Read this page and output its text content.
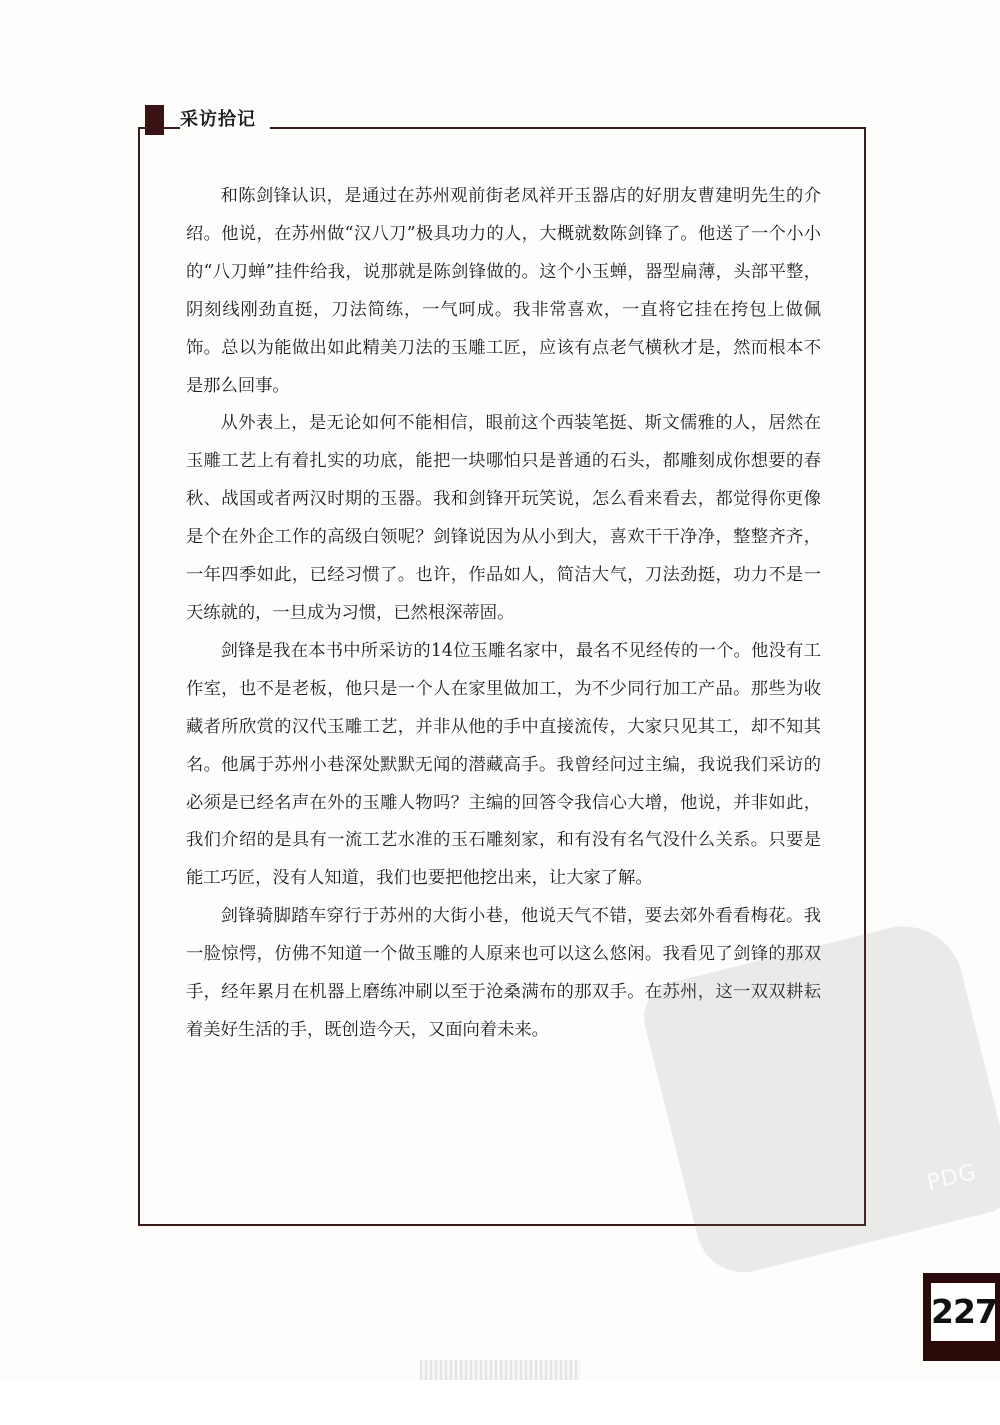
采访拾记

和陈剑锋认识，是通过在苏州观前街老凤祥开玉器店的好朋友曹建明先生的介绍。他说，在苏州做“汉八刀”极具功力的人，大概就数陈剑锋了。他送了一个小小的“八刀蝉”挂件给我，说那就是陈剑锋做的。这个小玉蝉，器型扁薄，头部平整，阴刻线刚劲直挺，刀法简练，一气呵成。我非常喜欢，一直将它挂在挎包上做佩饰。总以为能做出如此精美刀法的玉雕工匠，应该有点老气横秋才是，然而根本不是那么回事。

从外表上，是无论如何不能相信，眼前这个西装笔挺、斯文儒雅的人，居然在玉雕工艺上有着扎实的功底，能把一块哪怕只是普通的石头，都雕刻成你想要的春秋、战国或者两汉时期的玉器。我和剑锋开玩笑说，怎么看来看去，都觉得你更像是个在外企工作的高级白领呢？剑锋说因为从小到大，喜欢干干净净，整整齐齐，一年四季如此，已经习惯了。也许，作品如人，简洁大气，刀法劲挺，功力不是一天练就的，一旦成为习惯，已然根深蒂固。

剑锋是我在本书中所采访的14位玉雕名家中，最名不见经传的一个。他没有工作室，也不是老板，他只是一个人在家里做加工，为不少同行加工产品。那些为收藏者所欣赏的汉代玉雕工艺，并非从他的手中直接流传，大家只见其工，却不知其名。他属于苏州小巷深处默默无闻的潜藏高手。我曾经问过主编，我说我们采访的必须是已经名声在外的玉雕人物吗？主编的回答令我信心大增，他说，并非如此，我们介绍的是具有一流工艺水准的玉石雕刻家，和有没有名气没什么关系。只要是能工巧匠，没有人知道，我们也要把他挖出来，让大家了解。

剑锋骑脚踏车穿行于苏州的大街小巷，他说天气不错，要去郊外看看梅花。我一脸惊愕，仿佛不知道一个做玉雕的人原来也可以这么悠闲。我看见了剑锋的那双手，经年累月在机器上磨练冲刷以至于沧桑满布的那双手。在苏州，这一双双耕耘着美好生活的手，既创造今天，又面向着未来。

PDG
227
